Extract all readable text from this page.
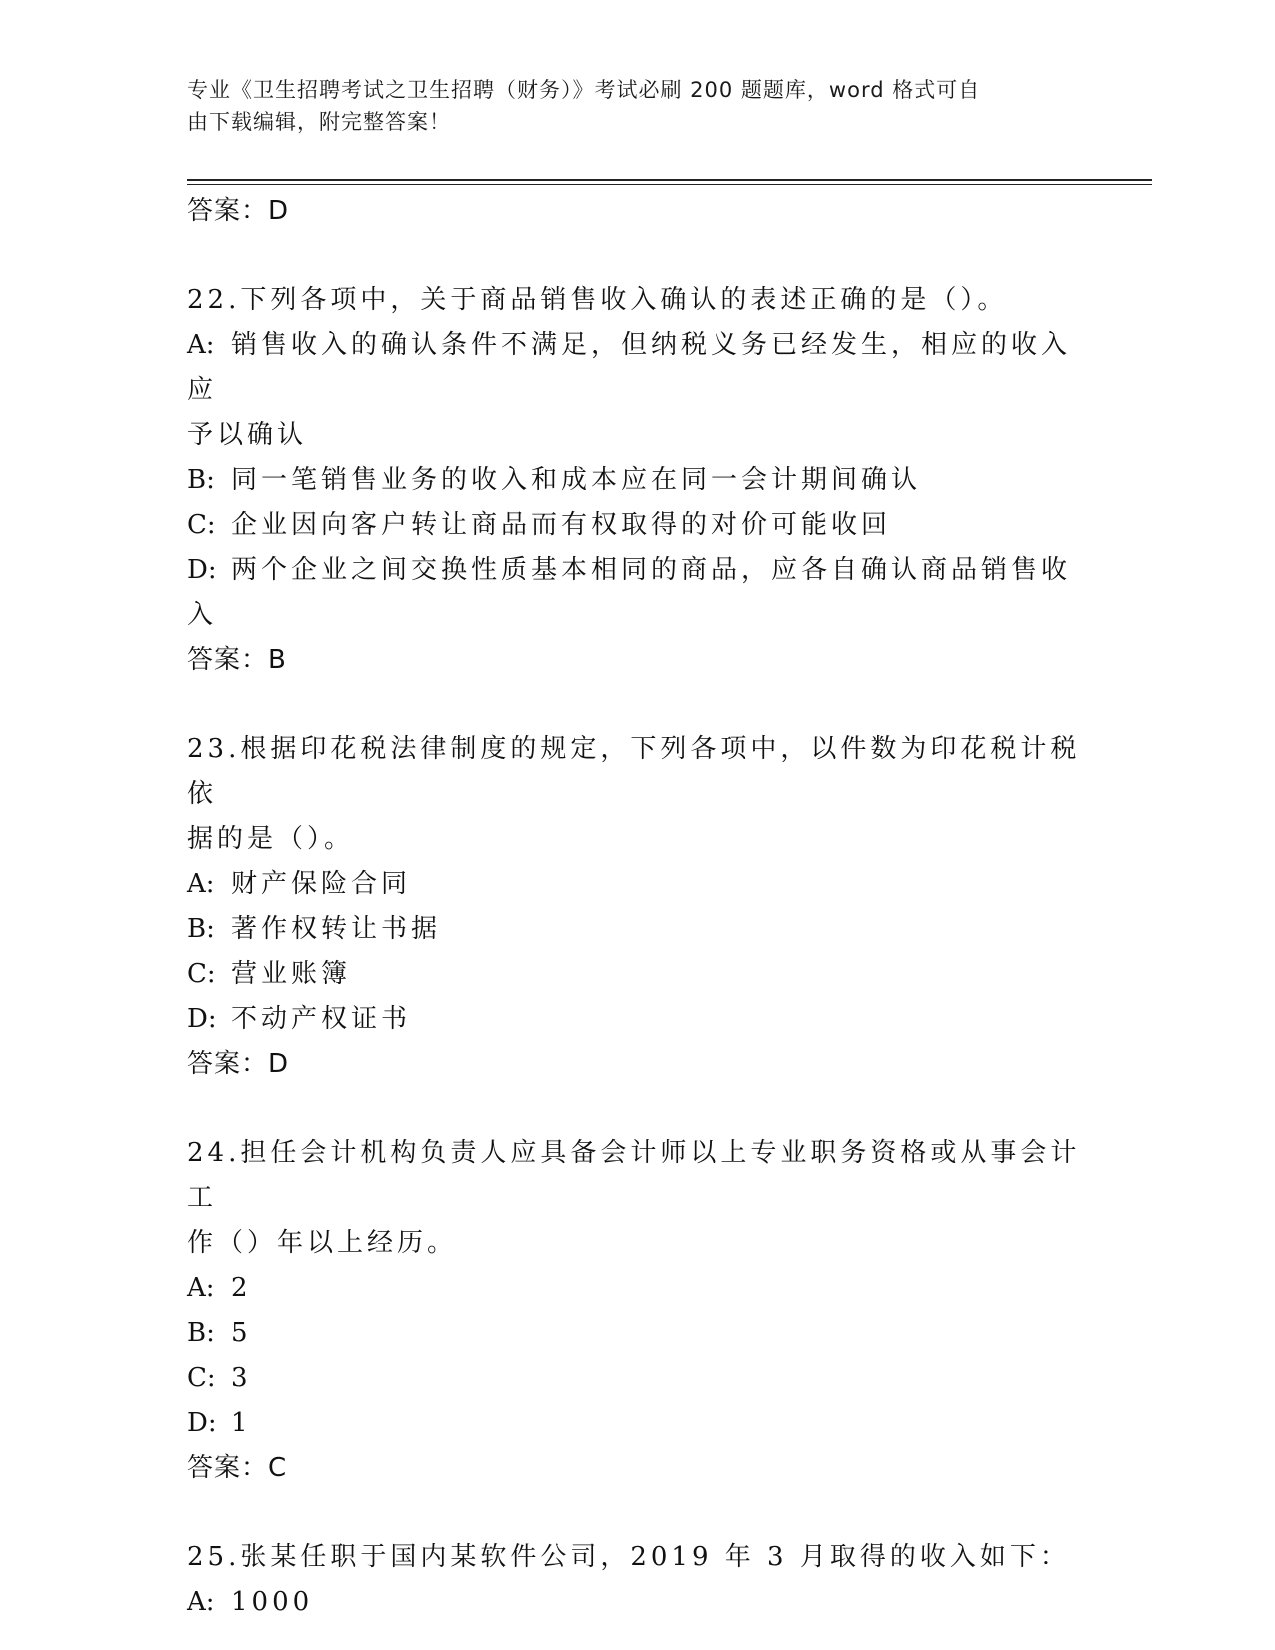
专业《卫生招聘考试之卫生招聘（财务）》考试必刷 200 题题库，word 格式可自
由下载编辑，附完整答案！

答案：D

22.下列各项中，关于商品销售收入确认的表述正确的是（）。

A: 销售收入的确认条件不满足，但纳税义务已经发生，相应的收入应

予以确认

B: 同一笔销售业务的收入和成本应在同一会计期间确认

C: 企业因向客户转让商品而有权取得的对价可能收回

D: 两个企业之间交换性质基本相同的商品，应各自确认商品销售收入

答案：B

23.根据印花税法律制度的规定，下列各项中，以件数为印花税计税依

据的是（）。

A: 财产保险合同

B: 著作权转让书据

C: 营业账簿

D: 不动产权证书

答案：D

24.担任会计机构负责人应具备会计师以上专业职务资格或从事会计工

作（）年以上经历。

A: 2

B: 5

C: 3

D: 1

答案：C

25.张某任职于国内某软件公司，2019 年 3 月取得的收入如下：

A: 1000
